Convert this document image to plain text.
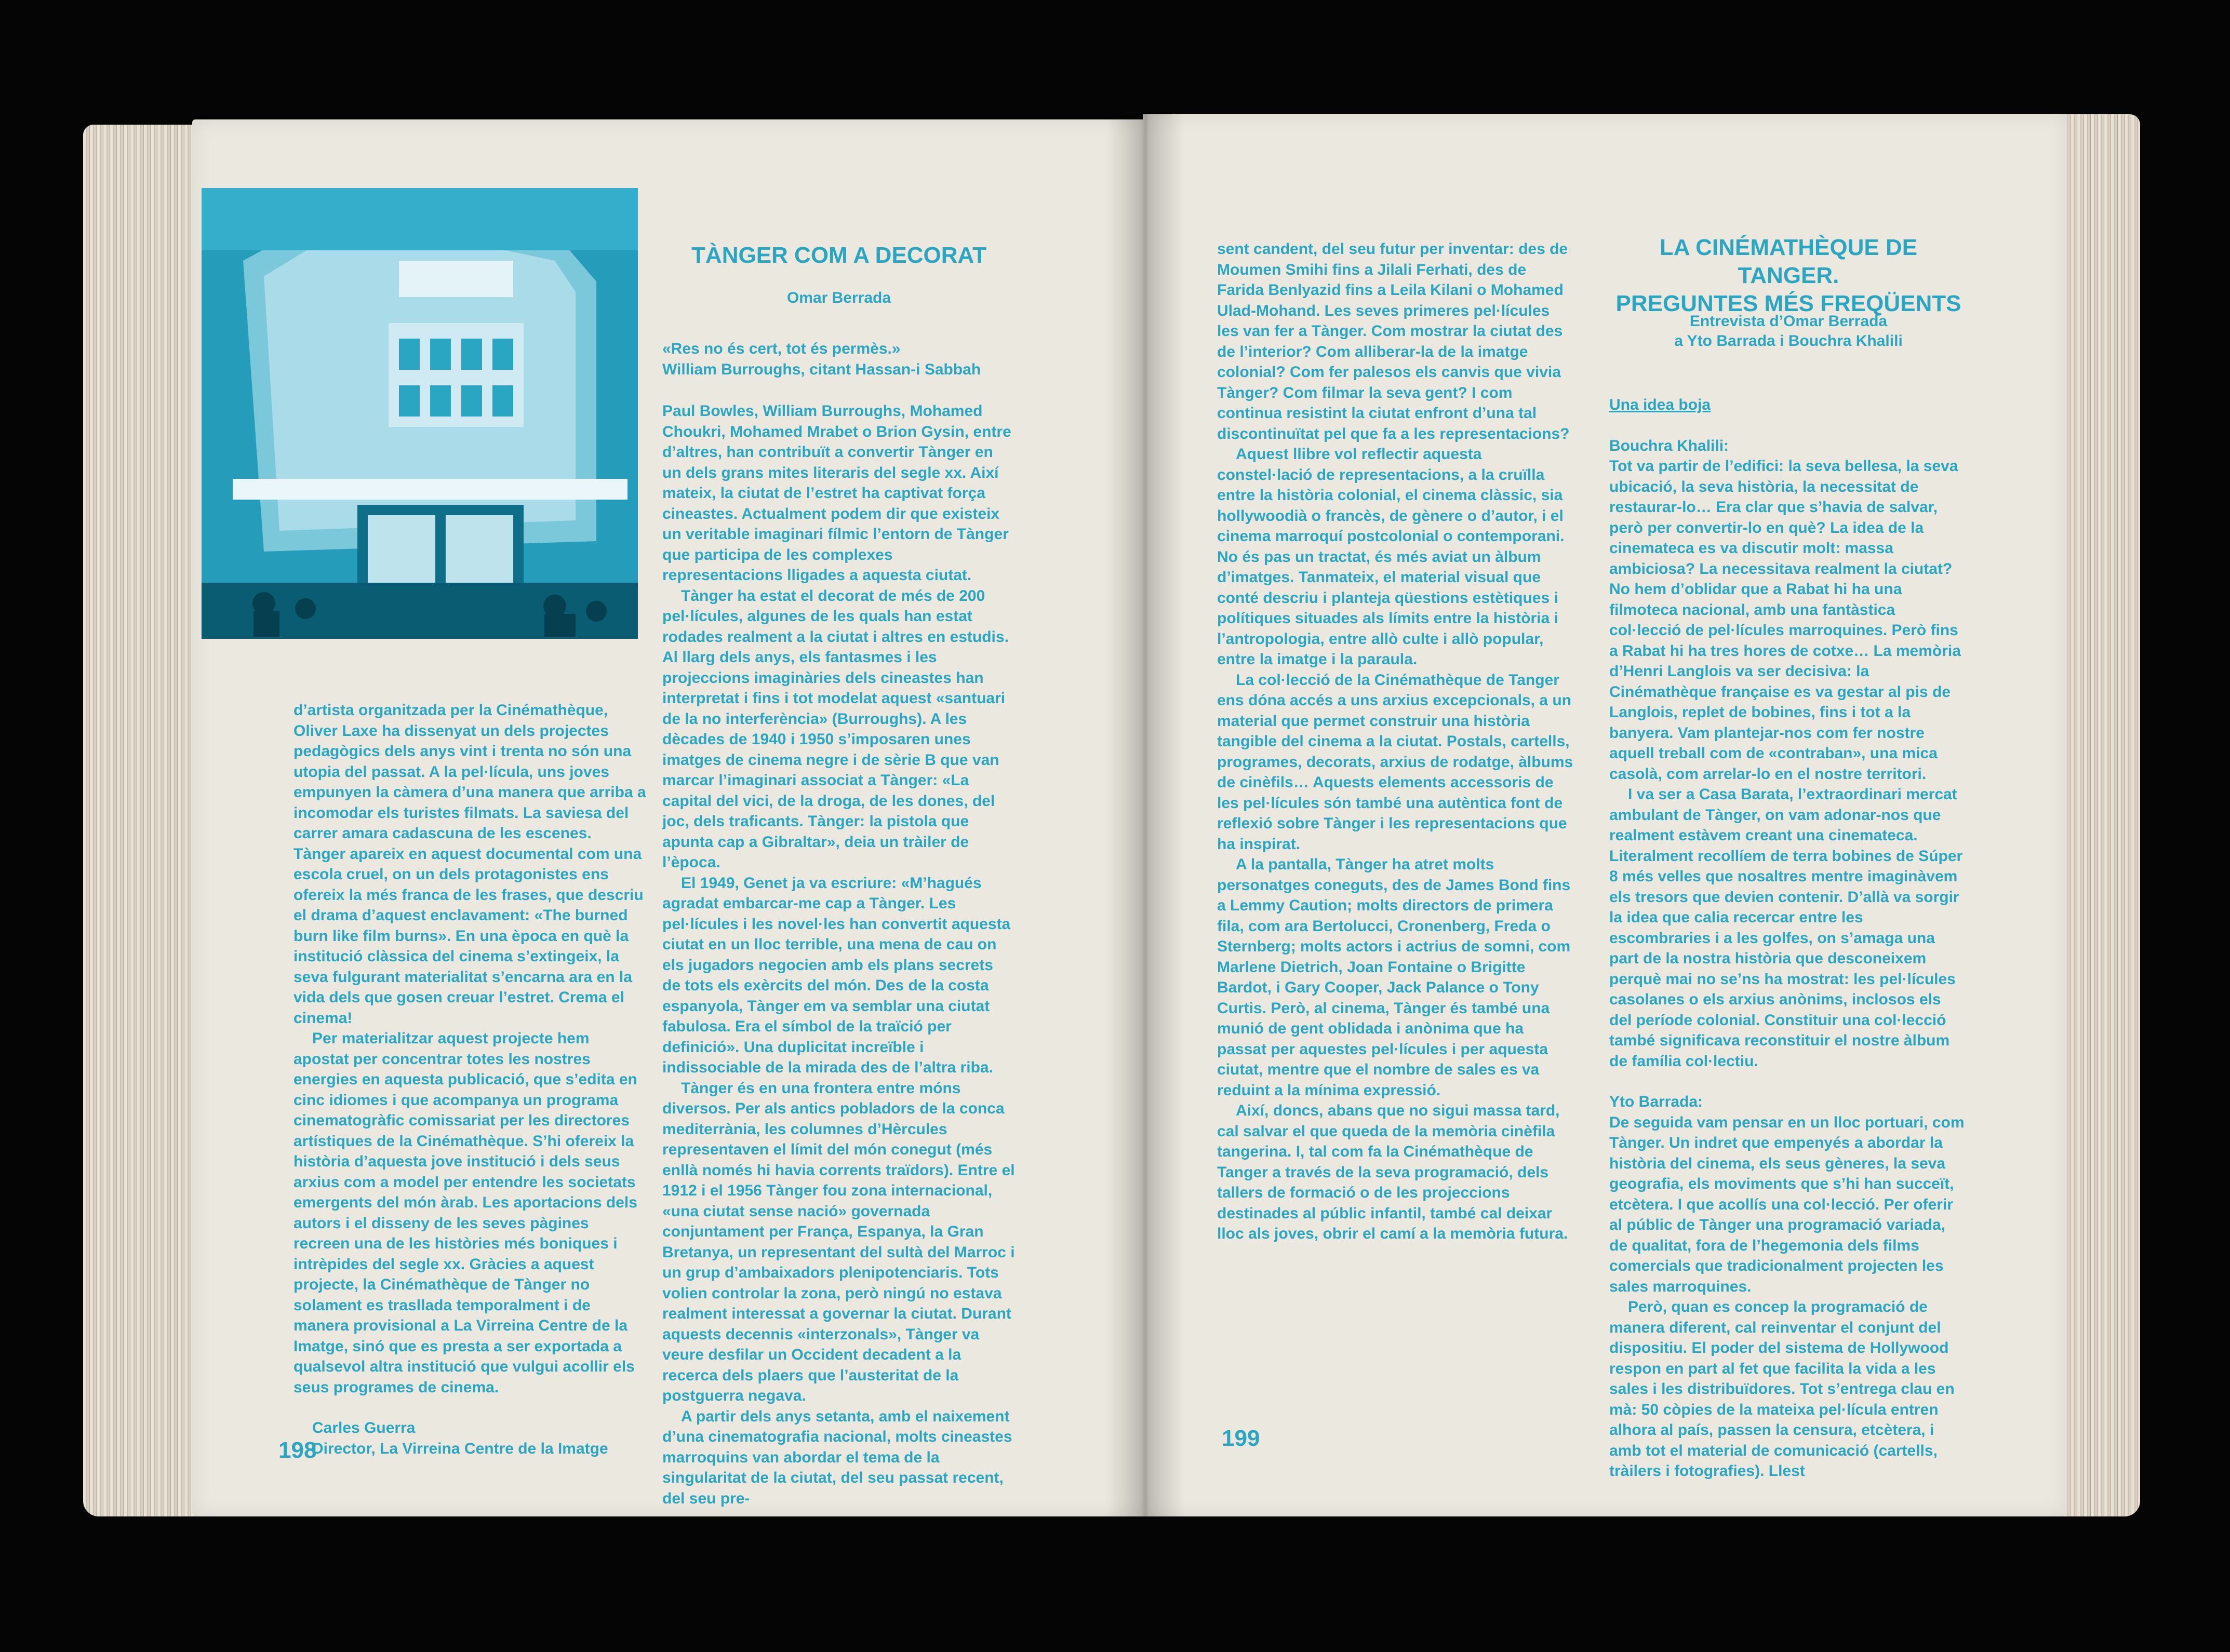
d’artista organitzada per la Cinémathèque, Oliver Laxe ha dissenyat un dels projectes pedagògics dels anys vint i trenta no són una utopia del passat. A la pel·lícula, uns joves empunyen la càmera d’una manera que arriba a incomodar els turistes filmats. La saviesa del carrer amara cadascuna de les escenes. Tànger apareix en aquest documental com una escola cruel, on un dels protagonistes ens ofereix la més franca de les frases, que descriu el drama d’aquest enclavament: «The burned burn like film burns». En una època en què la institució clàssica del cinema s’extingeix, la seva fulgurant materialitat s’encarna ara en la vida dels que gosen creuar l’estret. Crema el cinema!

Per materialitzar aquest projecte hem apostat per concentrar totes les nostres energies en aquesta publicació, que s’edita en cinc idiomes i que acompanya un programa cinematogràfic comissariat per les directores artístiques de la Cinémathèque. S’hi ofereix la història d’aquesta jove institució i dels seus arxius com a model per entendre les societats emergents del món àrab. Les aportacions dels autors i el disseny de les seves pàgines recreen una de les històries més boniques i intrèpides del segle xx. Gràcies a aquest projecte, la Cinémathèque de Tànger no solament es trasllada temporalment i de manera provisional a La Virreina Centre de la Imatge, sinó que es presta a ser exportada a qualsevol altra institució que vulgui acollir els seus programes de cinema.

Carles Guerra

Director, La Virreina Centre de la Imatge

TÀNGER COM A DECORAT
Omar Berrada

«Res no és cert, tot és permès.»

William Burroughs, citant Hassan-i Sabbah

Paul Bowles, William Burroughs, Mohamed Choukri, Mohamed Mrabet o Brion Gysin, entre d’altres, han contribuït a convertir Tànger en un dels grans mites literaris del segle xx. Així mateix, la ciutat de l’estret ha captivat força cineastes. Actualment podem dir que existeix un veritable imaginari fílmic l’entorn de Tànger que participa de les complexes representacions lligades a aquesta ciutat.

Tànger ha estat el decorat de més de 200 pel·lícules, algunes de les quals han estat rodades realment a la ciutat i altres en estudis. Al llarg dels anys, els fantasmes i les projeccions imaginàries dels cineastes han interpretat i fins i tot modelat aquest «santuari de la no interferència» (Burroughs). A les dècades de 1940 i 1950 s’imposaren unes imatges de cinema negre i de sèrie B que van marcar l’imaginari associat a Tànger: «La capital del vici, de la droga, de les dones, del joc, dels traficants. Tànger: la pistola que apunta cap a Gibraltar», deia un tràiler de l’època.

El 1949, Genet ja va escriure: «M’hagués agradat embarcar-me cap a Tànger. Les pel·lícules i les novel·les han convertit aquesta ciutat en un lloc terrible, una mena de cau on els jugadors negocien amb els plans secrets de tots els exèrcits del món. Des de la costa espanyola, Tànger em va semblar una ciutat fabulosa. Era el símbol de la traïció per definició». Una duplicitat increïble i indissociable de la mirada des de l’altra riba.

Tànger és en una frontera entre móns diversos. Per als antics pobladors de la conca mediterrània, les columnes d’Hèrcules representaven el límit del món conegut (més enllà només hi havia corrents traïdors). Entre el 1912 i el 1956 Tànger fou zona internacional, «una ciutat sense nació» governada conjuntament per França, Espanya, la Gran Bretanya, un representant del sultà del Marroc i un grup d’ambaixadors plenipotenciaris. Tots volien controlar la zona, però ningú no estava realment interessat a governar la ciutat. Durant aquests decennis «interzonals», Tànger va veure desfilar un Occident decadent a la recerca dels plaers que l’austeritat de la postguerra negava.

A partir dels anys setanta, amb el naixement d’una cinematografia nacional, molts cineastes marroquins van abordar el tema de la singularitat de la ciutat, del seu passat recent, del seu pre-

198

sent candent, del seu futur per inventar: des de Moumen Smihi fins a Jilali Ferhati, des de Farida Benlyazid fins a Leila Kilani o Mohamed Ulad-Mohand. Les seves primeres pel·lícules les van fer a Tànger. Com mostrar la ciutat des de l’interior? Com alliberar-la de la imatge colonial? Com fer palesos els canvis que vivia Tànger? Com filmar la seva gent? I com continua resistint la ciutat enfront d’una tal discontinuïtat pel que fa a les representacions?

Aquest llibre vol reflectir aquesta constel·lació de representacions, a la cruïlla entre la història colonial, el cinema clàssic, sia hollywoodià o francès, de gènere o d’autor, i el cinema marroquí postcolonial o contemporani. No és pas un tractat, és més aviat un àlbum d’imatges. Tanmateix, el material visual que conté descriu i planteja qüestions estètiques i polítiques situades als límits entre la història i l’antropologia, entre allò culte i allò popular, entre la imatge i la paraula.

La col·lecció de la Cinémathèque de Tanger ens dóna accés a uns arxius excepcionals, a un material que permet construir una història tangible del cinema a la ciutat. Postals, cartells, programes, decorats, arxius de rodatge, àlbums de cinèfils… Aquests elements accessoris de les pel·lícules són també una autèntica font de reflexió sobre Tànger i les representacions que ha inspirat.

A la pantalla, Tànger ha atret molts personatges coneguts, des de James Bond fins a Lemmy Caution; molts directors de primera fila, com ara Bertolucci, Cronenberg, Freda o Sternberg; molts actors i actrius de somni, com Marlene Dietrich, Joan Fontaine o Brigitte Bardot, i Gary Cooper, Jack Palance o Tony Curtis. Però, al cinema, Tànger és també una munió de gent oblidada i anònima que ha passat per aquestes pel·lícules i per aquesta ciutat, mentre que el nombre de sales es va reduint a la mínima expressió.

Així, doncs, abans que no sigui massa tard, cal salvar el que queda de la memòria cinèfila tangerina. I, tal com fa la Cinémathèque de Tanger a través de la seva programació, dels tallers de formació o de les projeccions destinades al públic infantil, també cal deixar lloc als joves, obrir el camí a la memòria futura.

LA CINÉMATHÈQUE DE TANGER.
PREGUNTES MÉS FREQÜENTS
Entrevista d’Omar Berrada
a Yto Barrada i Bouchra Khalili

Una idea boja

Bouchra Khalili:

Tot va partir de l’edifici: la seva bellesa, la seva ubicació, la seva història, la necessitat de restaurar-lo… Era clar que s’havia de salvar, però per convertir-lo en què? La idea de la cinemateca es va discutir molt: massa ambiciosa? La necessitava realment la ciutat? No hem d’oblidar que a Rabat hi ha una filmoteca nacional, amb una fantàstica col·lecció de pel·lícules marroquines. Però fins a Rabat hi ha tres hores de cotxe… La memòria d’Henri Langlois va ser decisiva: la Cinémathèque française es va gestar al pis de Langlois, replet de bobines, fins i tot a la banyera. Vam plantejar-nos com fer nostre aquell treball com de «contraban», una mica casolà, com arrelar-lo en el nostre territori.

I va ser a Casa Barata, l’extraordinari mercat ambulant de Tànger, on vam adonar-nos que realment estàvem creant una cinemateca. Literalment recollíem de terra bobines de Súper 8 més velles que nosaltres mentre imaginàvem els tresors que devien contenir. D’allà va sorgir la idea que calia recercar entre les escombraries i a les golfes, on s’amaga una part de la nostra història que desconeixem perquè mai no se’ns ha mostrat: les pel·lícules casolanes o els arxius anònims, inclosos els del període colonial. Constituir una col·lecció també significava reconstituir el nostre àlbum de família col·lectiu.

Yto Barrada:

De seguida vam pensar en un lloc portuari, com Tànger. Un indret que empenyés a abordar la història del cinema, els seus gèneres, la seva geografia, els moviments que s’hi han succeït, etcètera. I que acollís una col·lecció. Per oferir al públic de Tànger una programació variada, de qualitat, fora de l’hegemonia dels films comercials que tradicionalment projecten les sales marroquines.

Però, quan es concep la programació de manera diferent, cal reinventar el conjunt del dispositiu. El poder del sistema de Hollywood respon en part al fet que facilita la vida a les sales i les distribuïdores. Tot s’entrega clau en mà: 50 còpies de la mateixa pel·lícula entren alhora al país, passen la censura, etcètera, i amb tot el material de comunicació (cartells, tràilers i fotografies). Llest

199
